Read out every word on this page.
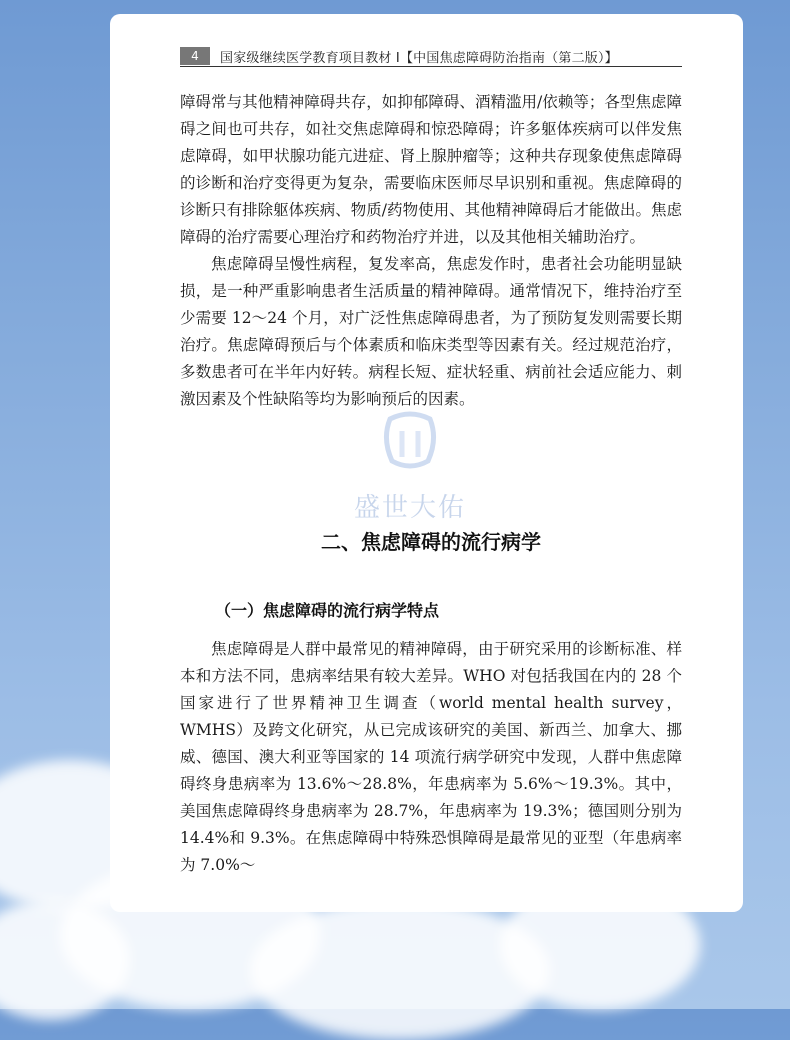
4	国家级继续医学教育项目教材 Ⅰ【中国焦虑障碍防治指南（第二版）】

障碍常与其他精神障碍共存，如抑郁障碍、酒精滥用/依赖等；各型焦虑障碍之间也可共存，如社交焦虑障碍和惊恐障碍；许多躯体疾病可以伴发焦虑障碍，如甲状腺功能亢进症、肾上腺肿瘤等；这种共存现象使焦虑障碍的诊断和治疗变得更为复杂，需要临床医师尽早识别和重视。焦虑障碍的诊断只有排除躯体疾病、物质/药物使用、其他精神障碍后才能做出。焦虑障碍的治疗需要心理治疗和药物治疗并进，以及其他相关辅助治疗。

焦虑障碍呈慢性病程，复发率高，焦虑发作时，患者社会功能明显缺损，是一种严重影响患者生活质量的精神障碍。通常情况下，维持治疗至少需要 12～24 个月，对广泛性焦虑障碍患者，为了预防复发则需要长期治疗。焦虑障碍预后与个体素质和临床类型等因素有关。经过规范治疗，多数患者可在半年内好转。病程长短、症状轻重、病前社会适应能力、刺激因素及个性缺陷等均为影响预后的因素。

二、焦虑障碍的流行病学
（一）焦虑障碍的流行病学特点

焦虑障碍是人群中最常见的精神障碍，由于研究采用的诊断标准、样本和方法不同，患病率结果有较大差异。WHO 对包括我国在内的 28 个国家进行了世界精神卫生调查（world mental health survey，WMHS）及跨文化研究，从已完成该研究的美国、新西兰、加拿大、挪威、德国、澳大利亚等国家的 14 项流行病学研究中发现，人群中焦虑障碍终身患病率为 13.6%～28.8%，年患病率为 5.6%～19.3%。其中，美国焦虑障碍终身患病率为 28.7%，年患病率为 19.3%；德国则分别为 14.4%和 9.3%。在焦虑障碍中特殊恐惧障碍是最常见的亚型（年患病率为 7.0%～

盛世大佑
